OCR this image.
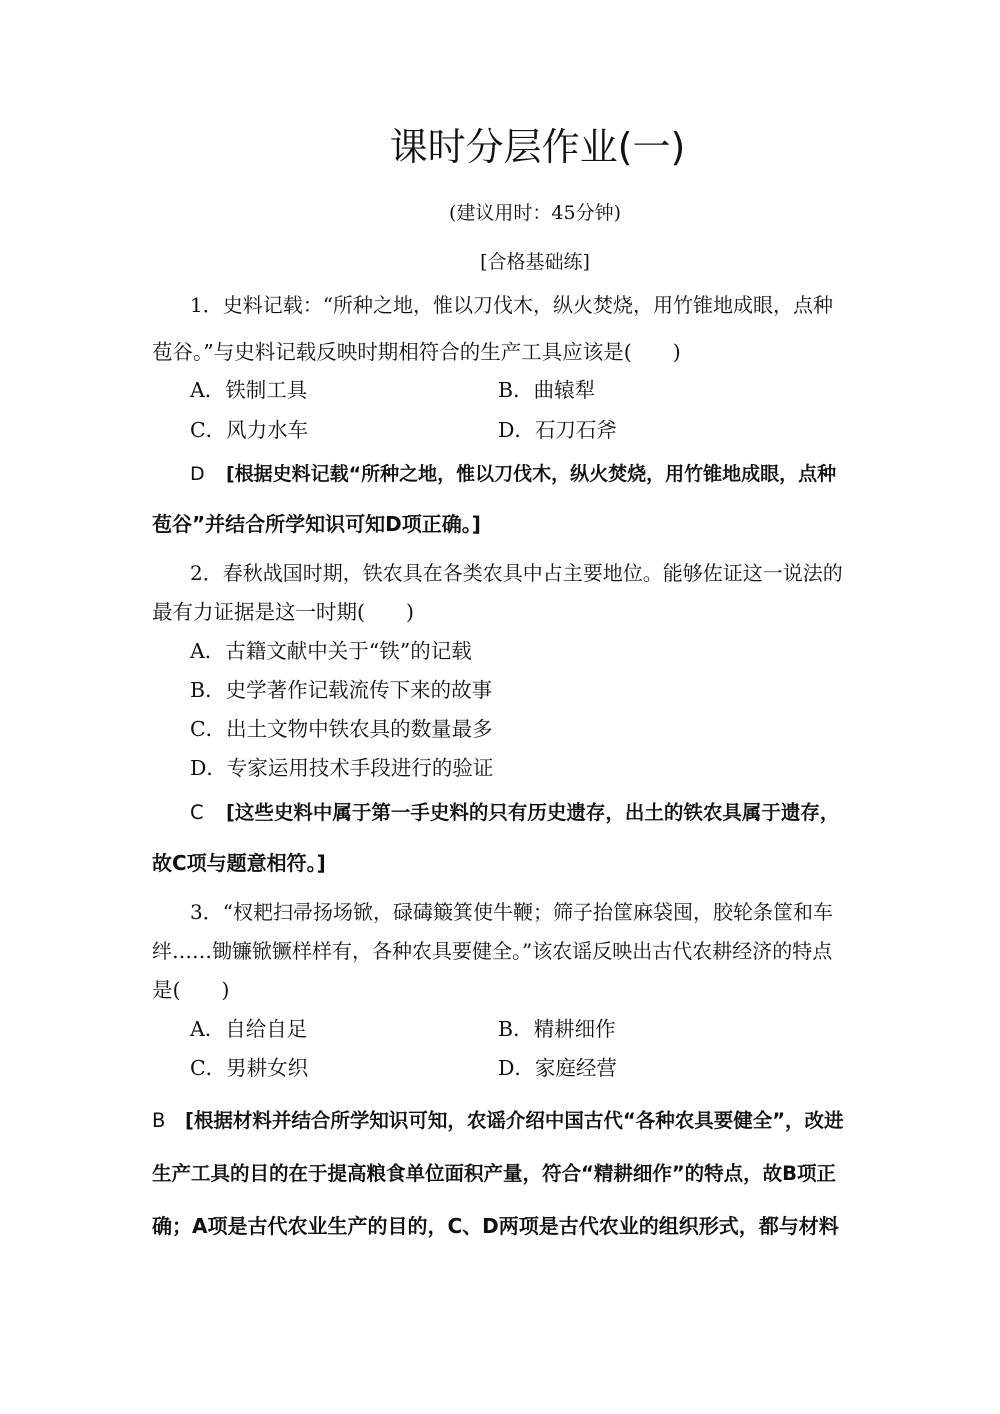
课时分层作业(一)
(建议用时：45分钟)
[合格基础练]
1．史料记载：“所种之地，惟以刀伐木，纵火焚烧，用竹锥地成眼，点种
苞谷。”与史料记载反映时期相符合的生产工具应该是(　　)
A．铁制工具	B．曲辕犁
C．风力水车	D．石刀石斧
D [根据史料记载“所种之地，惟以刀伐木，纵火焚烧，用竹锥地成眼，点种
苞谷”并结合所学知识可知D项正确。]
2．春秋战国时期，铁农具在各类农具中占主要地位。能够佐证这一说法的
最有力证据是这一时期(　　)
A．古籍文献中关于“铁”的记载
B．史学著作记载流传下来的故事
C．出土文物中铁农具的数量最多
D．专家运用技术手段进行的验证
C [这些史料中属于第一手史料的只有历史遗存，出土的铁农具属于遗存，
故C项与题意相符。]
3．“杈耙扫帚扬场锨，碌碡簸箕使牛鞭；筛子抬筐麻袋囤，胶轮条筐和车
绊……锄镰锨镢样样有，各种农具要健全。”该农谣反映出古代农耕经济的特点
是(　　)
A．自给自足	B．精耕细作
C．男耕女织	D．家庭经营
B [根据材料并结合所学知识可知，农谣介绍中国古代“各种农具要健全”，改进
生产工具的目的在于提高粮食单位面积产量，符合“精耕细作”的特点，故B项正
确；A项是古代农业生产的目的，C、D两项是古代农业的组织形式，都与材料
